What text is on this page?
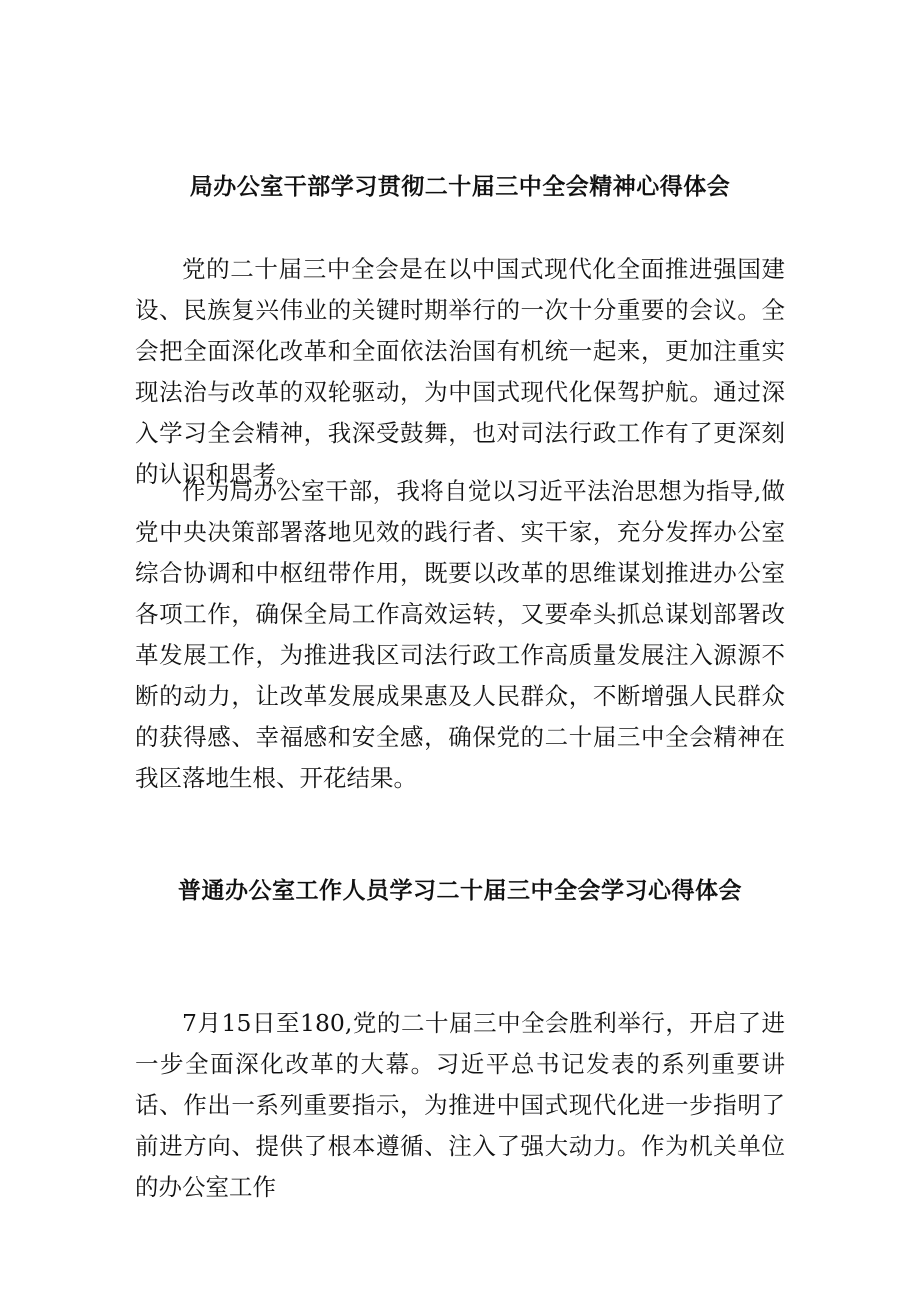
局办公室干部学习贯彻二十届三中全会精神心得体会

党的二十届三中全会是在以中国式现代化全面推进强国建设、民族复兴伟业的关键时期举行的一次十分重要的会议。全会把全面深化改革和全面依法治国有机统一起来，更加注重实现法治与改革的双轮驱动，为中国式现代化保驾护航。通过深入学习全会精神，我深受鼓舞，也对司法行政工作有了更深刻的认识和思考。

作为局办公室干部，我将自觉以习近平法治思想为指导,做党中央决策部署落地见效的践行者、实干家，充分发挥办公室综合协调和中枢纽带作用，既要以改革的思维谋划推进办公室各项工作，确保全局工作高效运转，又要牵头抓总谋划部署改革发展工作，为推进我区司法行政工作高质量发展注入源源不断的动力，让改革发展成果惠及人民群众，不断增强人民群众的获得感、幸福感和安全感，确保党的二十届三中全会精神在我区落地生根、开花结果。

普通办公室工作人员学习二十届三中全会学习心得体会

7月15日至180,党的二十届三中全会胜利举行，开启了进一步全面深化改革的大幕。习近平总书记发表的系列重要讲话、作出一系列重要指示，为推进中国式现代化进一步指明了前进方向、提供了根本遵循、注入了强大动力。作为机关单位的办公室工作
